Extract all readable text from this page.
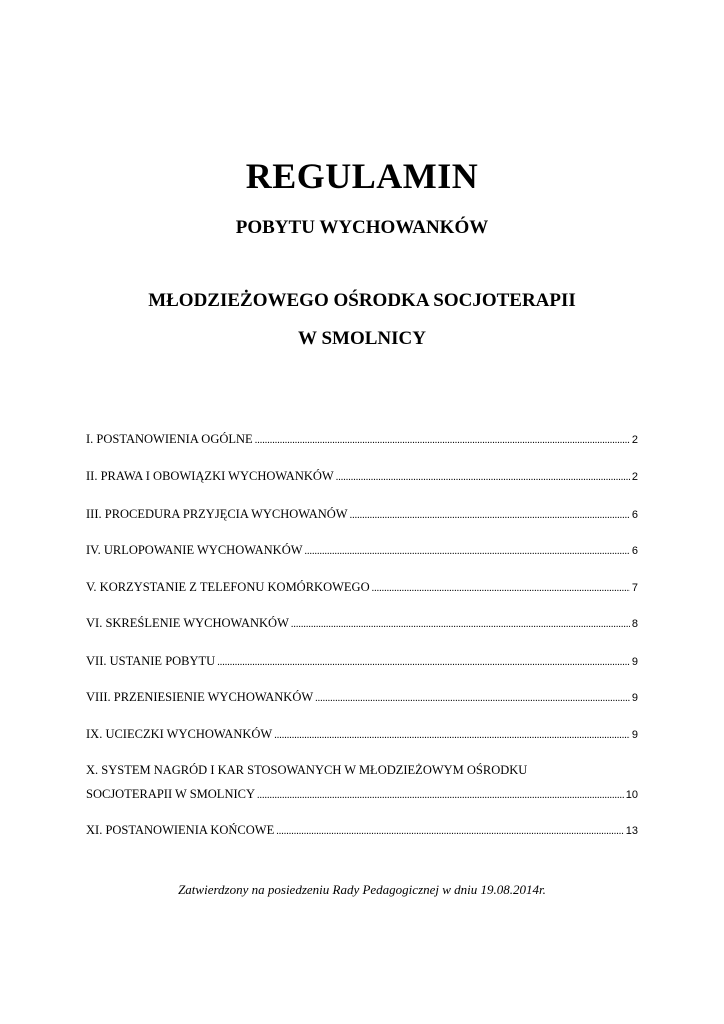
REGULAMIN
POBYTU WYCHOWANKÓW
MŁODZIEŻOWEGO OŚRODKA SOCJOTERAPII
W SMOLNICY
I. POSTANOWIENIA OGÓLNE .....	2
II. PRAWA I OBOWIĄZKI WYCHOWANKÓW .....	2
III. PROCEDURA PRZYJĘCIA WYCHOWANÓW .....	6
IV. URLOPOWANIE WYCHOWANKÓW .....	6
V. KORZYSTANIE Z TELEFONU KOMÓRKOWEGO .....	7
VI. SKREŚLENIE WYCHOWANKÓW .....	8
VII. USTANIE POBYTU .....	9
VIII. PRZENIESIENIE WYCHOWANKÓW .....	9
IX. UCIECZKI WYCHOWANKÓW .....	9
X. SYSTEM NAGRÓD I KAR STOSOWANYCH W MŁODZIEŻOWYM OŚRODKU
SOCJOTERAPII W SMOLNICY .....	10
XI. POSTANOWIENIA KOŃCOWE .....	13
Zatwierdzony na posiedzeniu Rady Pedagogicznej w dniu 19.08.2014r.
